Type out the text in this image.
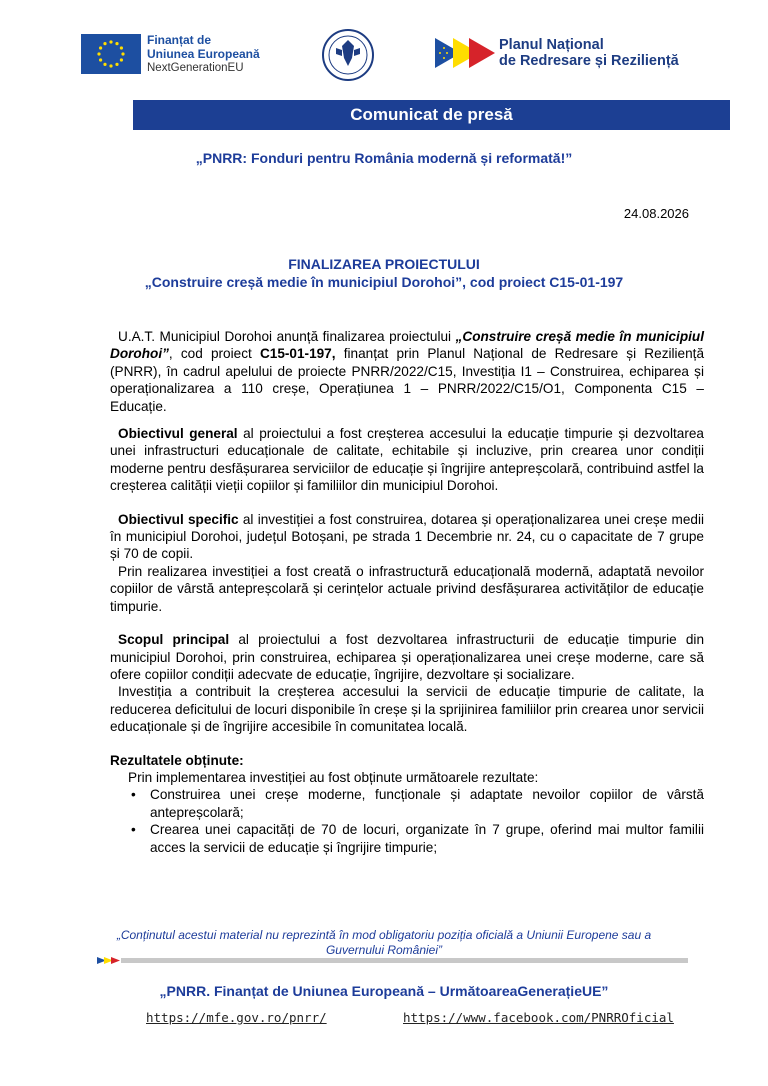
Finanțat de
Uniunea Europeană
NextGenerationEU
Planul Național
de Redresare și Reziliență
Comunicat de presă
„PNRR: Fonduri pentru România modernă și reformată!”
24.08.2026
FINALIZAREA PROIECTULUI
„Construire creșă medie în municipiul Dorohoi”, cod proiect C15-01-197

U.A.T. Municipiul Dorohoi anunță finalizarea proiectului „Construire creșă medie în municipiul Dorohoi”, cod proiect C15-01-197, finanțat prin Planul Național de Redresare și Reziliență (PNRR), în cadrul apelului de proiecte PNRR/2022/C15, Investiția I1 – Construirea, echiparea și operaționalizarea a 110 creșe, Operațiunea 1 – PNRR/2022/C15/O1, Componenta C15 – Educație.

Obiectivul general al proiectului a fost creșterea accesului la educație timpurie și dezvoltarea unei infrastructuri educaționale de calitate, echitabile și incluzive, prin crearea unor condiții moderne pentru desfășurarea serviciilor de educație și îngrijire antepreșcolară, contribuind astfel la creșterea calității vieții copiilor și familiilor din municipiul Dorohoi.

Obiectivul specific al investiției a fost construirea, dotarea și operaționalizarea unei creșe medii în municipiul Dorohoi, județul Botoșani, pe strada 1 Decembrie nr. 24, cu o capacitate de 7 grupe și 70 de copii.

Prin realizarea investiției a fost creată o infrastructură educațională modernă, adaptată nevoilor copiilor de vârstă antepreșcolară și cerințelor actuale privind desfășurarea activităților de educație timpurie.

Scopul principal al proiectului a fost dezvoltarea infrastructurii de educație timpurie din municipiul Dorohoi, prin construirea, echiparea și operaționalizarea unei creșe moderne, care să ofere copiilor condiții adecvate de educație, îngrijire, dezvoltare și socializare.

Investiția a contribuit la creșterea accesului la servicii de educație timpurie de calitate, la reducerea deficitului de locuri disponibile în creșe și la sprijinirea familiilor prin crearea unor servicii educaționale și de îngrijire accesibile în comunitatea locală.

Rezultatele obținute:

Prin implementarea investiției au fost obținute următoarele rezultate:

• Construirea unei creșe moderne, funcționale și adaptate nevoilor copiilor de vârstă antepreșcolară;
• Crearea unei capacități de 70 de locuri, organizate în 7 grupe, oferind mai multor familii acces la servicii de educație și îngrijire timpurie;
„Conținutul acestui material nu reprezintă în mod obligatoriu poziția oficială a Uniunii Europene sau a
Guvernului României”
„PNRR. Finanțat de Uniunea Europeană – UrmătoareaGenerațieUE”
https://mfe.gov.ro/pnrr/	https://www.facebook.com/PNRROficial
